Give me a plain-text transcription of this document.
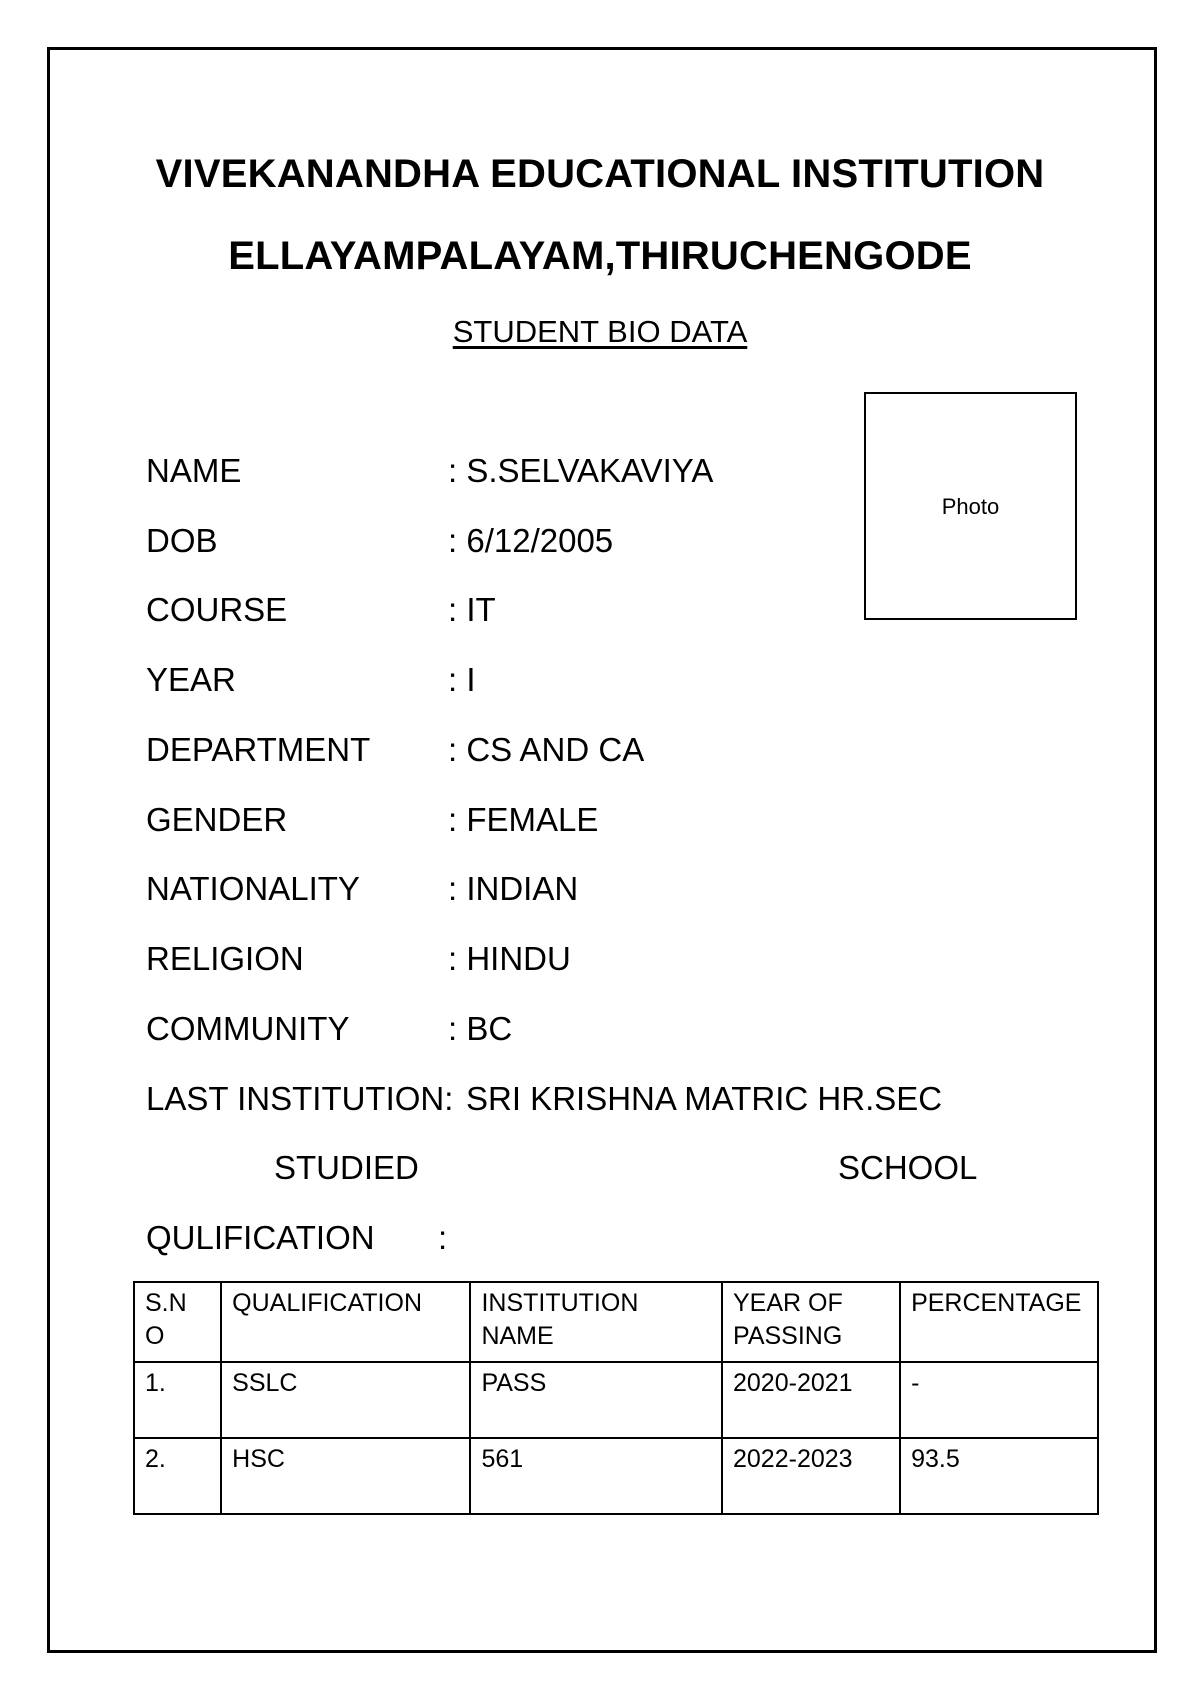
VIVEKANANDHA EDUCATIONAL INSTITUTION
ELLAYAMPALAYAM,THIRUCHENGODE
STUDENT BIO DATA
Photo
NAME	: S.SELVAKAVIYA
DOB	: 6/12/2005
COURSE	: IT
YEAR	: I
DEPARTMENT : CS AND CA
GENDER	: FEMALE
NATIONALITY	: INDIAN
RELIGION	: HINDU
COMMUNITY	: BC
LAST INSTITUTION: SRI KRISHNA MATRIC HR.SEC
STUDIED	SCHOOL
QULIFICATION :
S.N O	QUALIFICATION	INSTITUTION NAME	YEAR OF PASSING	PERCENTAGE
1.	SSLC	PASS	2020-2021	-
2.	HSC	561	2022-2023	93.5
